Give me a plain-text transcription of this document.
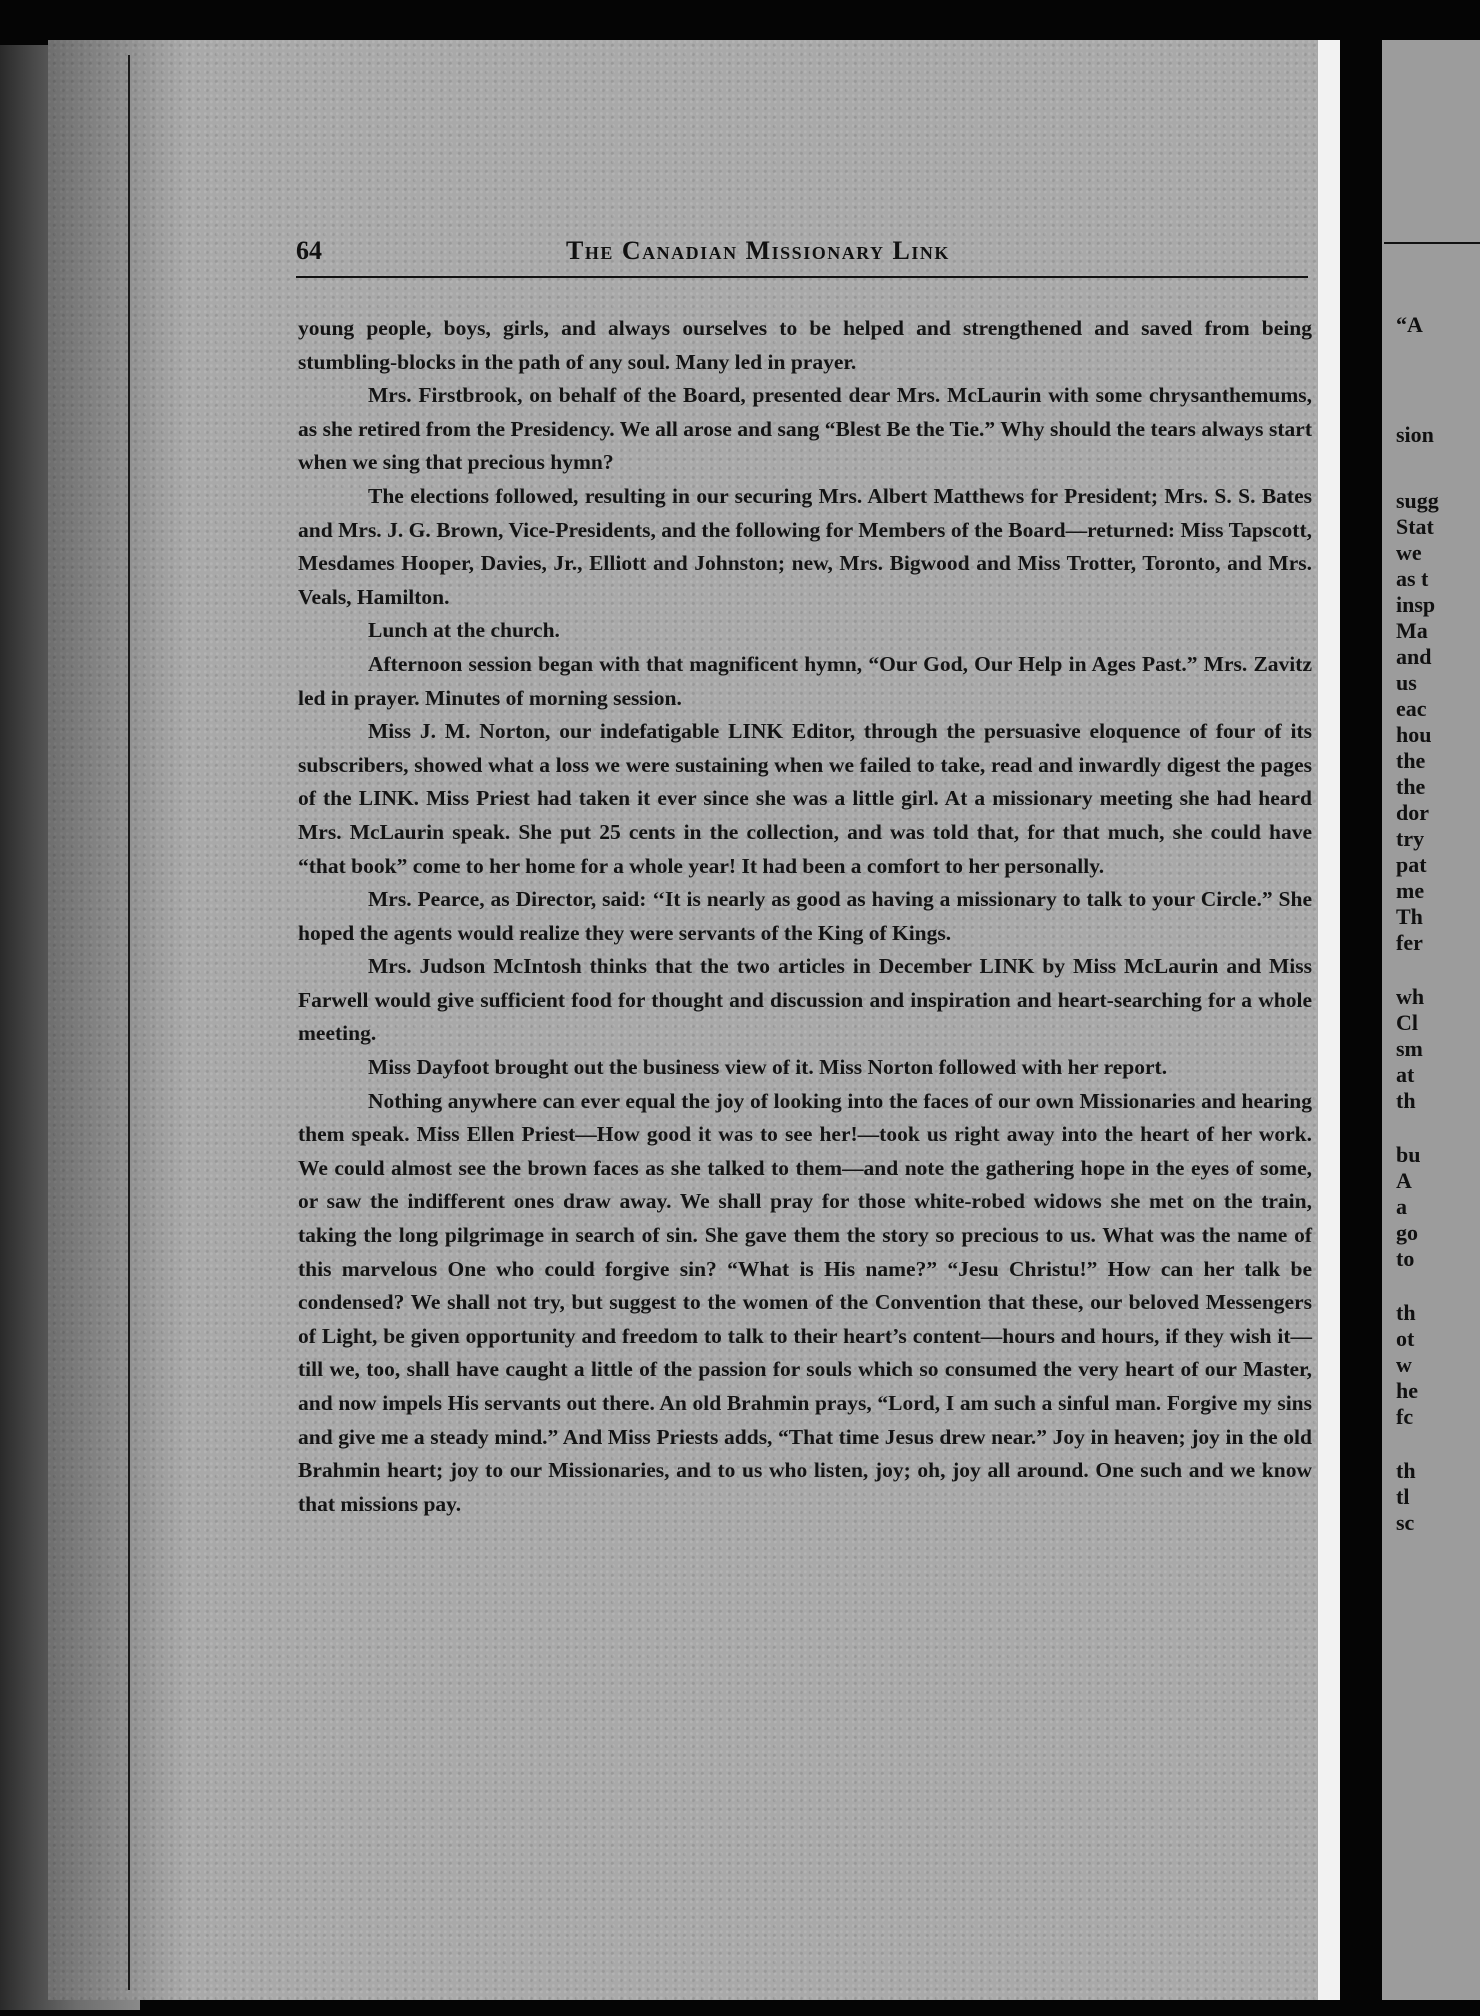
“A
sion
sugg
Stat
we
as t
insp
Ma
and
us
eac
hou
the
the
dor
try
pat
me
Th
fer
wh
Cl
sm
at
th
bu
A
a
go
to
th
ot
w
he
fc
th
tl
sc
64	The Canadian Missionary Link

young people, boys, girls, and always ourselves to be helped and strengthened and saved from being stumbling-blocks in the path of any soul. Many led in prayer.

Mrs. Firstbrook, on behalf of the Board, presented dear Mrs. McLaurin with some chrysanthemums, as she retired from the Presidency. We all arose and sang “Blest Be the Tie.” Why should the tears always start when we sing that precious hymn?

The elections followed, resulting in our securing Mrs. Albert Matthews for President; Mrs. S. S. Bates and Mrs. J. G. Brown, Vice-Presidents, and the following for Members of the Board—returned: Miss Tapscott, Mesdames Hooper, Davies, Jr., Elliott and Johnston; new, Mrs. Bigwood and Miss Trotter, Toronto, and Mrs. Veals, Hamilton.

Lunch at the church.

Afternoon session began with that magnificent hymn, “Our God, Our Help in Ages Past.” Mrs. Zavitz led in prayer. Minutes of morning session.

Miss J. M. Norton, our indefatigable LINK Editor, through the persuasive eloquence of four of its subscribers, showed what a loss we were sustaining when we failed to take, read and inwardly digest the pages of the LINK. Miss Priest had taken it ever since she was a little girl. At a missionary meeting she had heard Mrs. McLaurin speak. She put 25 cents in the collection, and was told that, for that much, she could have “that book” come to her home for a whole year! It had been a comfort to her personally.

Mrs. Pearce, as Director, said: ‘‘It is nearly as good as having a missionary to talk to your Circle.” She hoped the agents would realize they were servants of the King of Kings.

Mrs. Judson McIntosh thinks that the two articles in December LINK by Miss McLaurin and Miss Farwell would give sufficient food for thought and discussion and inspiration and heart-searching for a whole meeting.

Miss Dayfoot brought out the business view of it. Miss Norton followed with her report.

Nothing anywhere can ever equal the joy of looking into the faces of our own Missionaries and hearing them speak. Miss Ellen Priest—How good it was to see her!—took us right away into the heart of her work. We could almost see the brown faces as she talked to them—and note the gathering hope in the eyes of some, or saw the indifferent ones draw away. We shall pray for those white-robed widows she met on the train, taking the long pilgrimage in search of sin. She gave them the story so precious to us. What was the name of this marvelous One who could forgive sin? “What is His name?” “Jesu Christu!” How can her talk be condensed? We shall not try, but suggest to the women of the Convention that these, our beloved Messengers of Light, be given opportunity and freedom to talk to their heart’s content—hours and hours, if they wish it—till we, too, shall have caught a little of the passion for souls which so consumed the very heart of our Master, and now impels His servants out there. An old Brahmin prays, “Lord, I am such a sinful man. Forgive my sins and give me a steady mind.” And Miss Priests adds, “That time Jesus drew near.” Joy in heaven; joy in the old Brahmin heart; joy to our Missionaries, and to us who listen, joy; oh, joy all around. One such and we know that missions pay.
